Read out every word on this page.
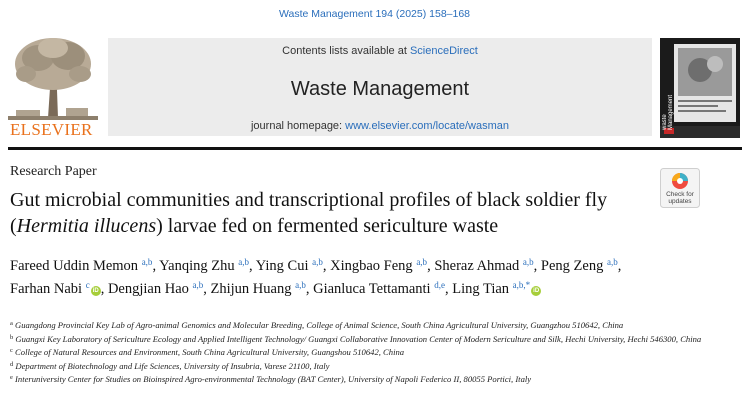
Waste Management 194 (2025) 158–168
ELSEVIER
Contents lists available at ScienceDirect
Waste Management
journal homepage: www.elsevier.com/locate/wasman	waste Management
Research Paper
Gut microbial communities and transcriptional profiles of black soldier fly (Hermitia illucens) larvae fed on fermented sericulture waste
Check for
updates
Fareed Uddin Memon $^{a,b}$, Yanqing Zhu $^{a,b}$, Ying Cui $^{a,b}$, Xingbao Feng $^{a,b}$, Sheraz Ahmad $^{a,b}$, Peng Zeng $^{a,b}$, Farhan Nabi $^c$iD , Dengjian Hao $^{a,b}$, Zhijun Huang $^{a,b}$, Gianluca Tettamanti $^{d,e}$, Ling Tian $^{a,b,*}$iD

$^a$ Guangdong Provincial Key Lab of Agro-animal Genomics and Molecular Breeding, College of Animal Science, South China Agricultural University, Guangzhou 510642, China

$^b$ Guangxi Key Laboratory of Sericulture Ecology and Applied Intelligent Technology/ Guangxi Collaborative Innovation Center of Modern Sericulture and Silk, Hechi University, Hechi 546300, China

$^c$ College of Natural Resources and Environment, South China Agricultural University, Guangshou 510642, China

$^d$ Department of Biotechnology and Life Sciences, University of Insubria, Varese 21100, Italy

$^e$ Interuniversity Center for Studies on Bioinspired Agro-environmental Technology (BAT Center), University of Napoli Federico II, 80055 Portici, Italy
